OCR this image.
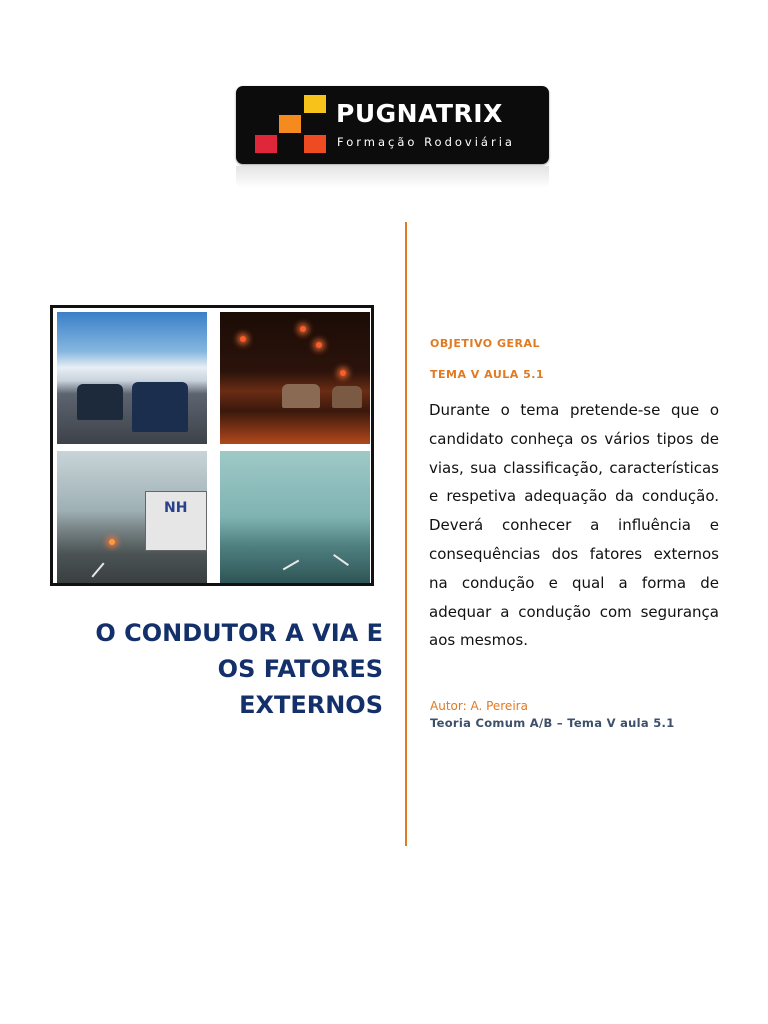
PUGNATRIX
Formação Rodoviária
NH
O CONDUTOR A VIA E
OS FATORES
EXTERNOS
OBJETIVO GERAL
TEMA V AULA 5.1
Durante o tema pretende-se que o candidato conheça os vários tipos de vias, sua classificação, características e respetiva adequação da condução. Deverá conhecer a influência e consequências dos fatores externos na condução e qual a forma de adequar a condução com segurança aos mesmos.
Autor: A. Pereira
Teoria Comum A/B – Tema V aula 5.1
